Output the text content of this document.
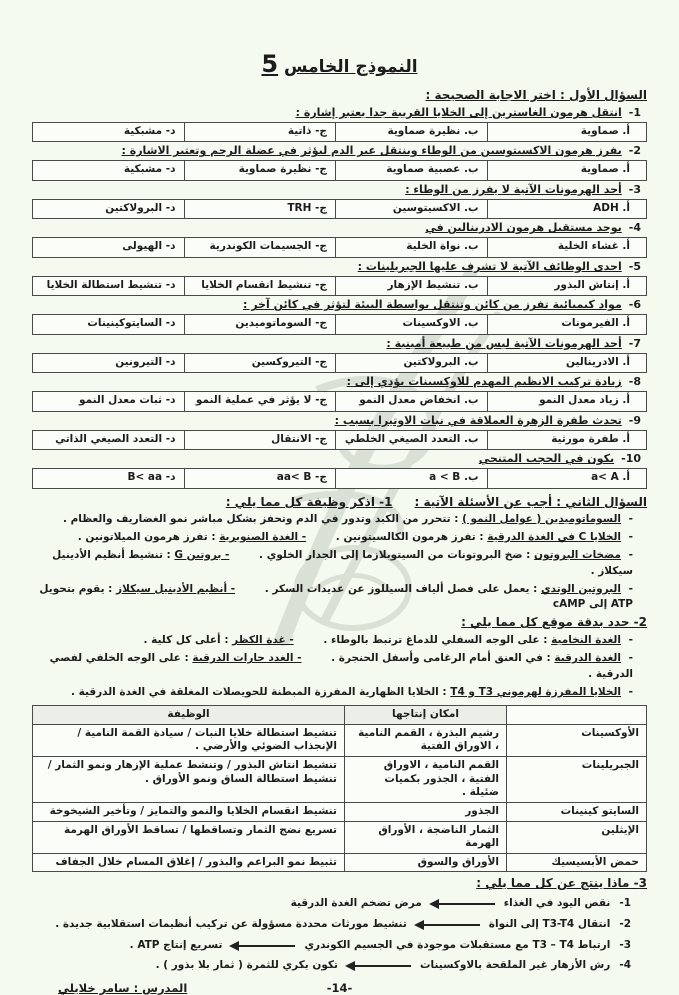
النموذج الخامس 5
السؤال الأول : اختر الاجابة الصحيحة :
1-
انتقل هرمون الغاسترين إلى الخلايا القريبة جدا يعتبر إشارة :
أ. صماوية
ب. نظيرة صماوية
ج- ذاتية
د- مشبكية
2-
يفرز هرمون الاكسيتوسين من الوطاء وينتقل عبر الدم ليؤثر في عضلة الرحم وتعتبر الاشارة :
أ. صماوية
ب. عصبية صماوية
ج- نظيرة صماوية
د- مشبكية
3-
أحد الهرمونات الآتية لا يفرز من الوطاء :
أ. ADH
ب. الاكسيتوسين
ج- TRH
د- البرولاكتين
4-
يوجد مستقبل هرمون الادرينالين في
أ. غشاء الخلية
ب. نواة الخلية
ج- الجسيمات الكوندرية
د- الهيولى
5-
احدى الوظائف الآتية لا تشرف عليها الجبريلينات :
أ. إنتاش البذور
ب. تنشيط الإزهار
ج- تنشيط انقسام الخلايا
د- تنشيط استطالة الخلايا
6-
مواد كيميائية تفرز من كائن وتنتقل بواسطة البيئة لتؤثر في كائن آخر :
أ. الفيرمونات
ب. الاوكسينات
ج- السوماتوميدين
د- السايتوكينينات
7-
أحد الهرمونات الآتية ليس من طبيعة أمينية :
أ. الادرينالين
ب. البرولاكتين
ج- التيروكسين
د- التيرونين
8-
زيادة تركيب الانظيم المهدم للاوكسينات يؤدي إلى :
أ. زياد معدل النمو
ب. انخفاض معدل النمو
ج- لا يؤثر في عملية النمو
د- ثبات معدل النمو
9-
تحدث طفرة الزهرة العملاقة في نبات الاوتيرا بسبب :
أ. طفرة مورثية
ب. التعدد الصيغي الخلطي
ج- الانتقال
د- التعدد الصيغي الذاتي
10-
يكون في الحجب المتنحي
أ. a< A
ب. a < B
ج- aa< B
د- B< aa
السؤال الثاني : أجب عن الأسئلة الآتية :
1- اذكر وظيفة كل مما يلي :
- السوماتوميدين ( عوامل النمو ) : تتحرر من الكبد وتدور في الدم وتحفز بشكل مباشر نمو الغضاريف والعظام .
- الخلايا C في الغدة الدرقية : تفرز هرمون الكالسيتونين . - الغدة الصنوبرية : تفرز هرمون الميلاتونين .
- مضخات البروتون : ضخ البروتونات من السيتوبلازما إلى الجدار الخلوي . - بروتين G : تنشيط أنظيم الأدينيل سيكلاز .
- البروتين الوتدي : يعمل على فصل ألياف السيللوز عن عديدات السكر . - أنظيم الأدينيل سيكلاز : يقوم بتحويل ATP إلى cAMP
2- حدد بدقة موقع كل مما يلي :
- الغدة النخامية : على الوجه السفلي للدماغ ترتبط بالوطاء . - غدة الكظر : أعلى كل كلية .
- الغدة الدرقية : في العنق أمام الرغامى وأسفل الحنجرة . - الغدد جارات الدرقية : على الوجه الخلفي لفصي الدرقية .
- الخلايا المفرزة لهرموني T3 و T4 : الخلايا الظهارية المفرزة المبطنة للحويصلات المغلقة في الغدة الدرقية .
امكان إنتاجها
الوظيفة
الأوكسينات
رشيم البذرة ، القمم النامية ، الاوراق الفتية
تنشيط استطالة خلايا النبات / سيادة القمة النامية / الإنجذاب الضوئي والأرضي .
الجبريلينات
القمم النامية ، الاوراق الفتية ، الجذور بكميات ضئيلة .
تنشيط انتاش البذور / وتنشط عملية الإزهار ونمو الثمار / تنشيط استطالة الساق ونمو الأوراق .
السايتو كينينات
الجذور
تنشيط انقسام الخلايا والنمو والتمايز / وتأخير الشيخوخة
الإيثلين
الثمار الناضجة ، الأوراق الهرمة
تسريع نضج الثمار وتساقطها / تساقط الأوراق الهرمة
حمض الأبسيسيك
الأوراق والسوق
تثبيط نمو البراعم والبذور / إغلاق المسام خلال الجفاف
3- ماذا ينتج عن كل مما يلي :
1-
نقص اليود في الغذاء
مرض تضخم الغدة الدرقية
2-
انتقال T3-T4 إلى النواة
تنشيط مورثات محددة مسؤولة عن تركيب أنظيمات استقلابية جديدة .
3-
ارتباط T3 – T4 مع مستقبلات موجودة في الجسيم الكوندري
تسريع إنتاج ATP .
4-
رش الأزهار غير الملقحة بالاوكسينات
تكون بكري للثمرة ( ثمار بلا بذور ) .
-14-
المدرس : سامر خلايلي
